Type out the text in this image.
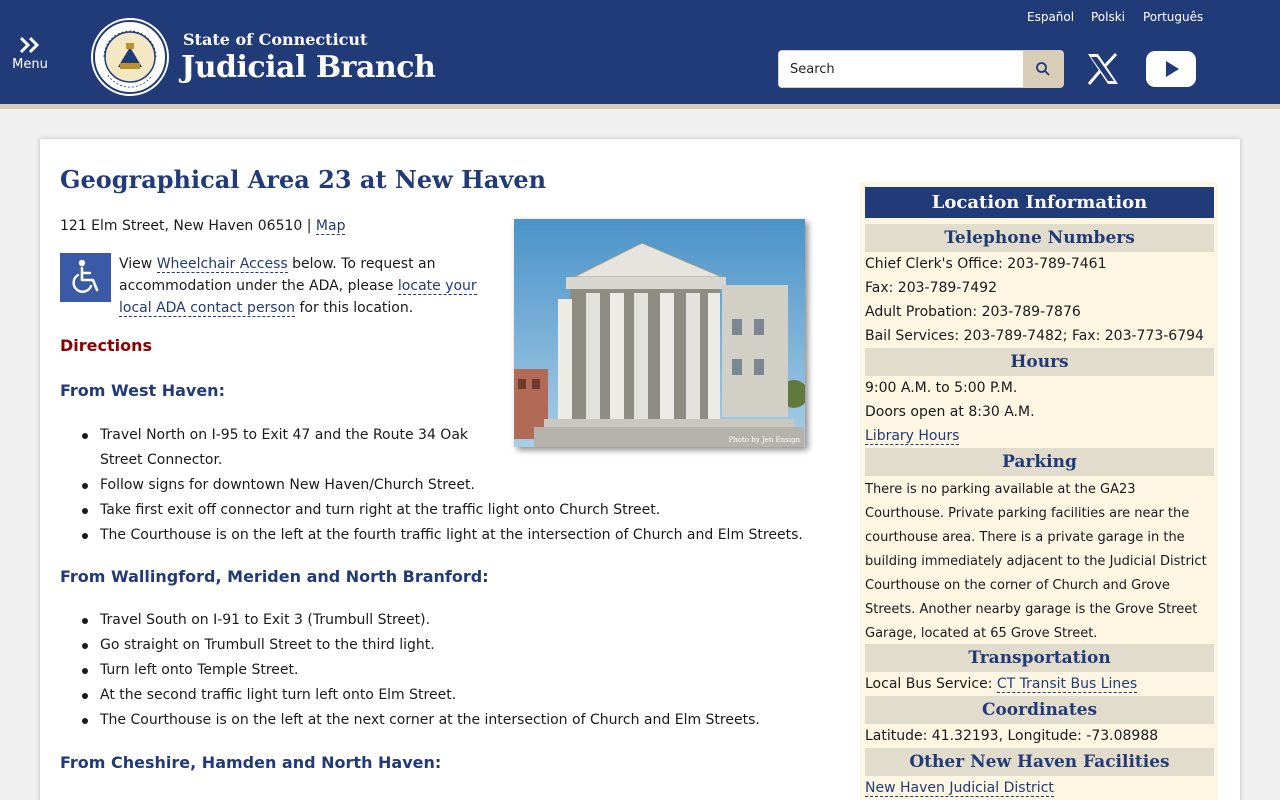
Menu
State of Connecticut
Judicial Branch
Español Polski Português
Search
Geographical Area 23 at New Haven
121 Elm Street, New Haven 06510 | Map
View Wheelchair Access below. To request an accommodation under the ADA, please locate your local ADA contact person for this location.
Photo by Jen Ensign
Directions
From West Haven:
Travel North on I-95 to Exit 47 and the Route 34 Oak Street Connector.
Follow signs for downtown New Haven/Church Street.
Take first exit off connector and turn right at the traffic light onto Church Street.
The Courthouse is on the left at the fourth traffic light at the intersection of Church and Elm Streets.
From Wallingford, Meriden and North Branford:
Travel South on I-91 to Exit 3 (Trumbull Street).
Go straight on Trumbull Street to the third light.
Turn left onto Temple Street.
At the second traffic light turn left onto Elm Street.
The Courthouse is on the left at the next corner at the intersection of Church and Elm Streets.
From Cheshire, Hamden and North Haven:
Location Information
Telephone Numbers
Chief Clerk's Office: 203-789-7461
Fax: 203-789-7492
Adult Probation: 203-789-7876
Bail Services: 203-789-7482; Fax: 203-773-6794
Hours
9:00 A.M. to 5:00 P.M.
Doors open at 8:30 A.M.
Library Hours
Parking
There is no parking available at the GA23 Courthouse. Private parking facilities are near the courthouse area. There is a private garage in the building immediately adjacent to the Judicial District Courthouse on the corner of Church and Grove Streets. Another nearby garage is the Grove Street Garage, located at 65 Grove Street.
Transportation
Local Bus Service: CT Transit Bus Lines
Coordinates
Latitude: 41.32193, Longitude: -73.08988
Other New Haven Facilities
New Haven Judicial District
